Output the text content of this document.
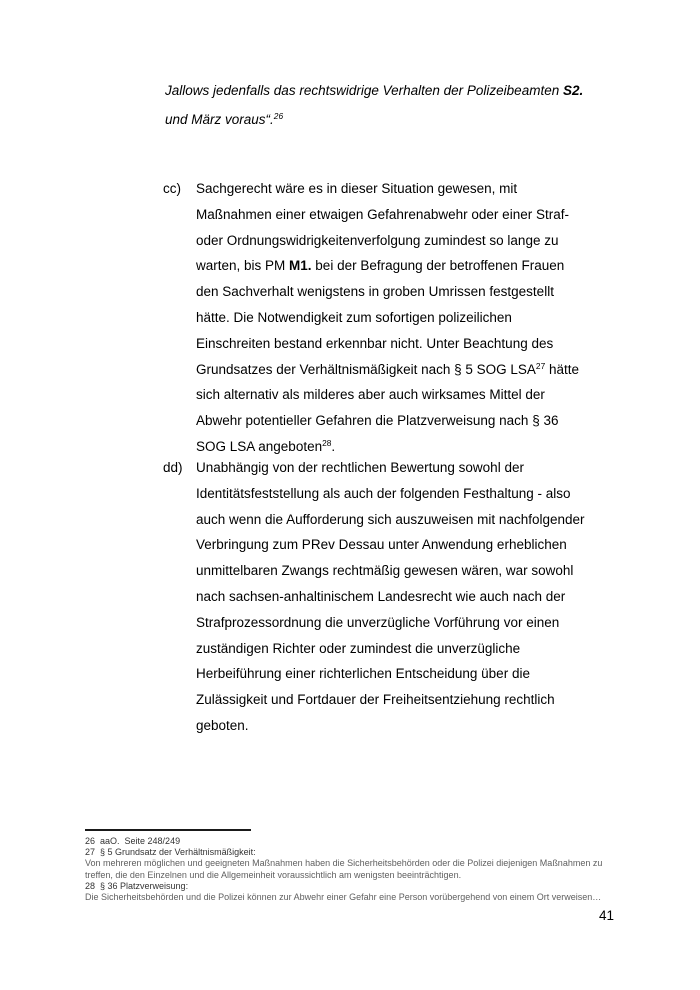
Jallows jedenfalls das rechtswidrige Verhalten der Polizeibeamten S2.
und März voraus“.$^{26}$
cc)	Sachgerecht wäre es in dieser Situation gewesen, mit Maßnahmen einer etwaigen Gefahrenabwehr oder einer Straf- oder Ordnungswidrigkeitenverfolgung zumindest so lange zu warten, bis PM M1. bei der Befragung der betroffenen Frauen den Sachverhalt wenigstens in groben Umrissen festgestellt hätte. Die Notwendigkeit zum sofortigen polizeilichen Einschreiten bestand erkennbar nicht. Unter Beachtung des Grundsatzes der Verhältnismäßigkeit nach § 5 SOG LSA$^{27}$ hätte sich alternativ als milderes aber auch wirksames Mittel der Abwehr potentieller Gefahren die Platzverweisung nach § 36 SOG LSA angeboten$^{28}$.
dd) Unabhängig von der rechtlichen Bewertung sowohl der Identitätsfeststellung als auch der folgenden Festhaltung - also auch wenn die Aufforderung sich auszuweisen mit nachfolgender Verbringung zum PRev Dessau unter Anwendung erheblichen unmittelbaren Zwangs rechtmäßig gewesen wären, war sowohl nach sachsen-anhaltinischem Landesrecht wie auch nach der Strafprozessordnung die unverzügliche Vorführung vor einen zuständigen Richter oder zumindest die unverzügliche Herbeiführung einer richterlichen Entscheidung über die Zulässigkeit und Fortdauer der Freiheitsentziehung rechtlich geboten.
26 aaO.  Seite 248/249
27 § 5 Grundsatz der Verhältnismäßigkeit:
Von mehreren möglichen und geeigneten Maßnahmen haben die Sicherheitsbehörden oder die Polizei diejenigen Maßnahmen zu treffen, die den Einzelnen und die Allgemeinheit voraussichtlich am wenigsten beeinträchtigen.
28 § 36 Platzverweisung:
Die Sicherheitsbehörden und die Polizei können zur Abwehr einer Gefahr eine Person vorübergehend von einem Ort verweisen…
41
